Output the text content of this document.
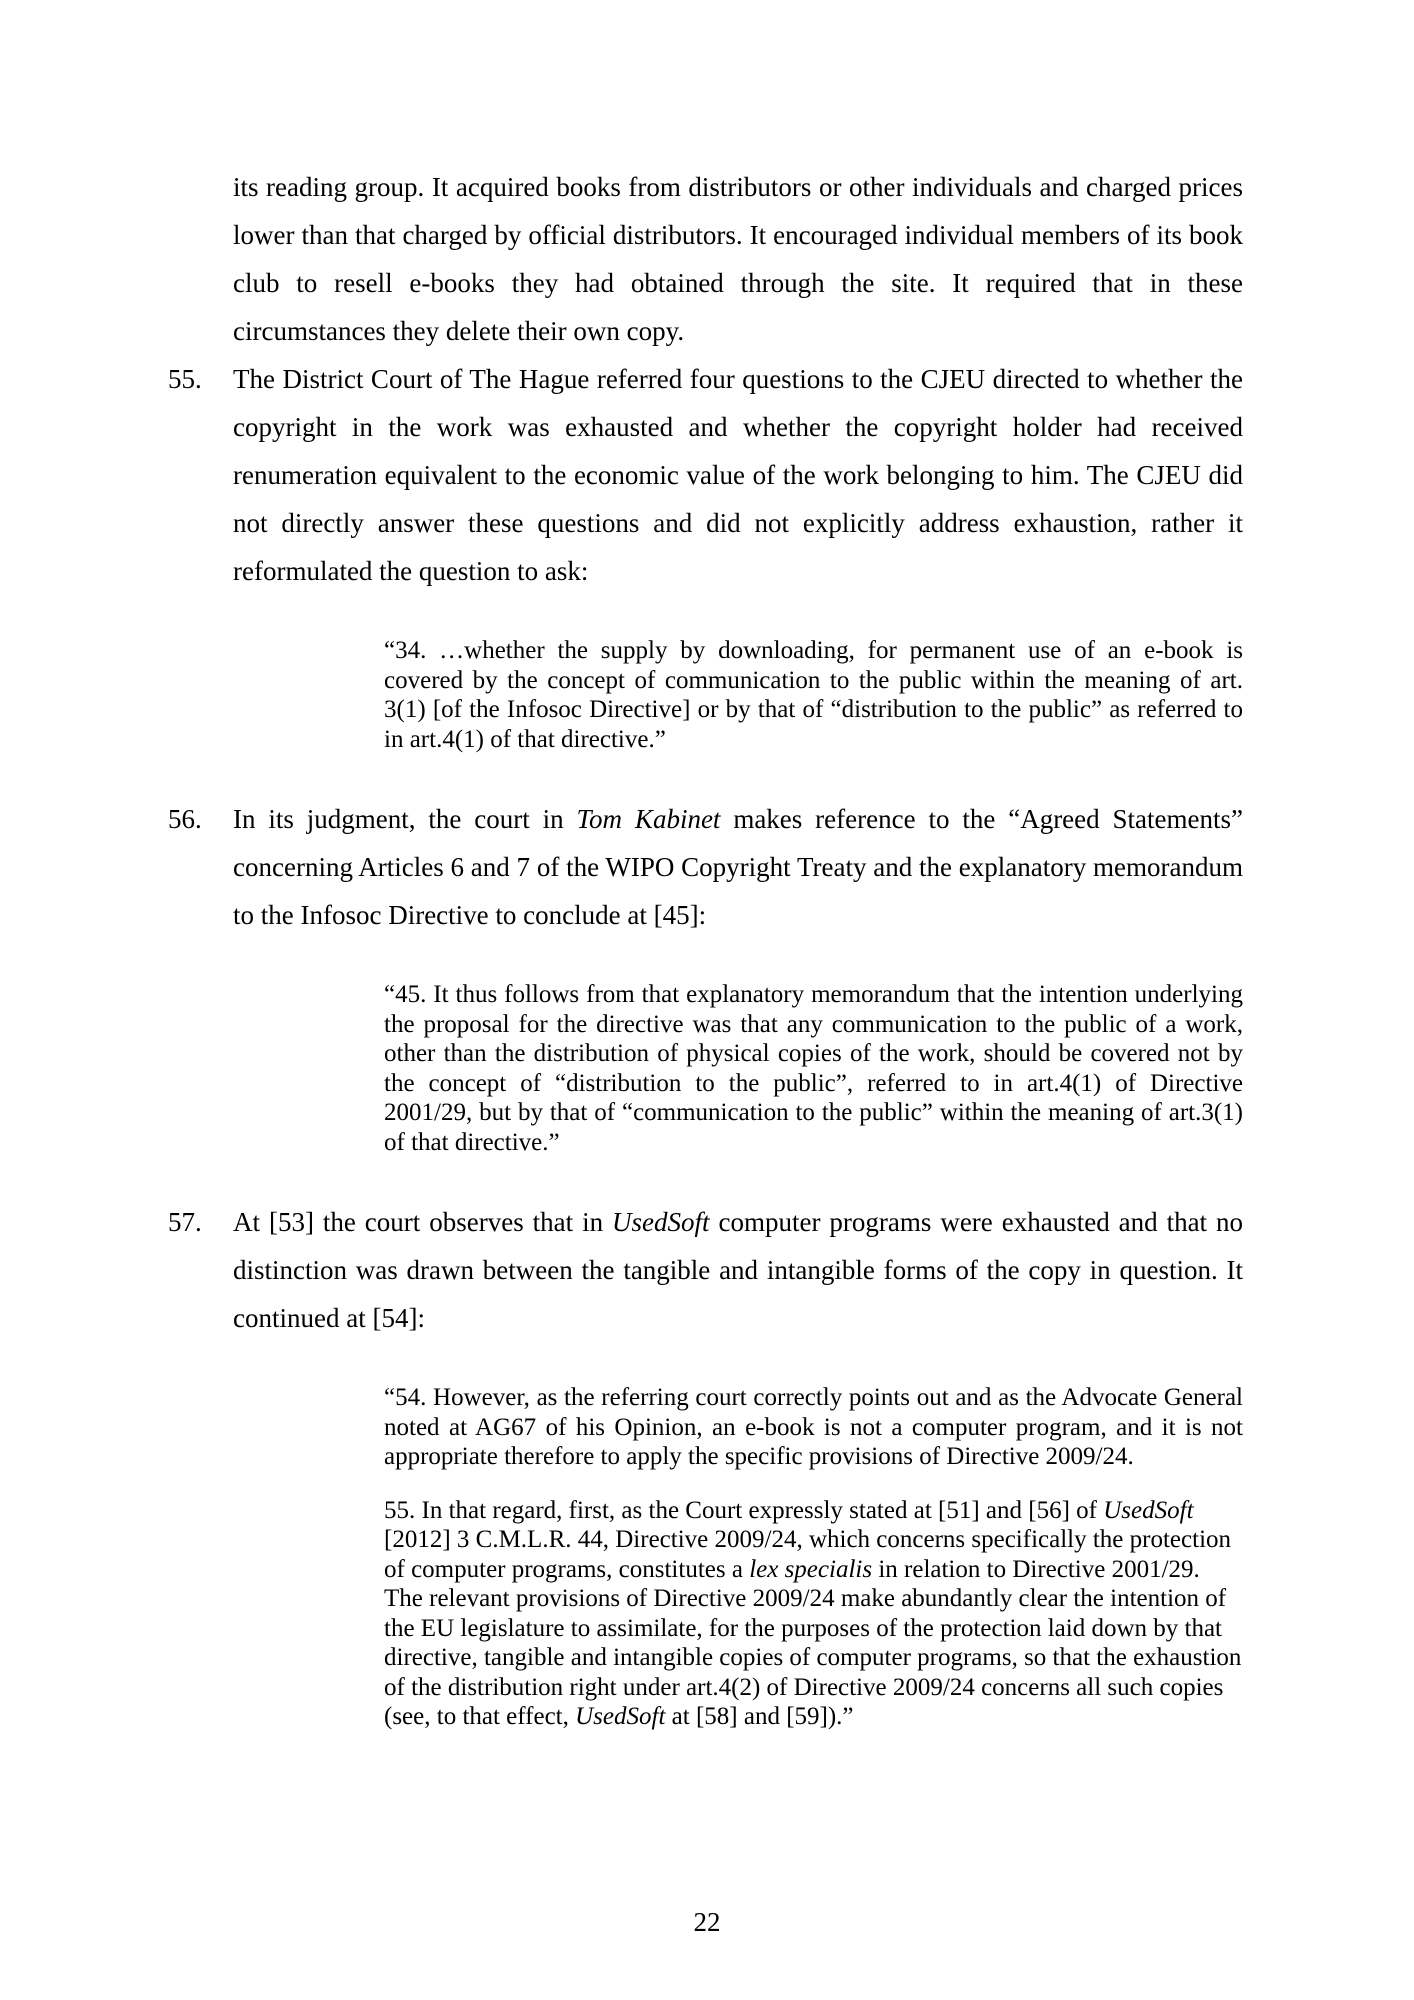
its reading group. It acquired books from distributors or other individuals and charged prices lower than that charged by official distributors. It encouraged individual members of its book club to resell e-books they had obtained through the site. It required that in these circumstances they delete their own copy.
55.	The District Court of The Hague referred four questions to the CJEU directed to whether the copyright in the work was exhausted and whether the copyright holder had received renumeration equivalent to the economic value of the work belonging to him. The CJEU did not directly answer these questions and did not explicitly address exhaustion, rather it reformulated the question to ask:
“34. …whether the supply by downloading, for permanent use of an e-book is covered by the concept of communication to the public within the meaning of art. 3(1) [of the Infosoc Directive] or by that of “distribution to the public” as referred to in art.4(1) of that directive.”
56.	In its judgment, the court in Tom Kabinet makes reference to the “Agreed Statements” concerning Articles 6 and 7 of the WIPO Copyright Treaty and the explanatory memorandum to the Infosoc Directive to conclude at [45]:
“45. It thus follows from that explanatory memorandum that the intention underlying the proposal for the directive was that any communication to the public of a work, other than the distribution of physical copies of the work, should be covered not by the concept of “distribution to the public”, referred to in art.4(1) of Directive 2001/29, but by that of “communication to the public” within the meaning of art.3(1) of that directive.”
57.	At [53] the court observes that in UsedSoft computer programs were exhausted and that no distinction was drawn between the tangible and intangible forms of the copy in question. It continued at [54]:
“54. However, as the referring court correctly points out and as the Advocate General noted at AG67 of his Opinion, an e-book is not a computer program, and it is not appropriate therefore to apply the specific provisions of Directive 2009/24.
55. In that regard, first, as the Court expressly stated at [51] and [56] of UsedSoft [2012] 3 C.M.L.R. 44, Directive 2009/24, which concerns specifically the protection of computer programs, constitutes a lex specialis in relation to Directive 2001/29. The relevant provisions of Directive 2009/24 make abundantly clear the intention of the EU legislature to assimilate, for the purposes of the protection laid down by that directive, tangible and intangible copies of computer programs, so that the exhaustion of the distribution right under art.4(2) of Directive 2009/24 concerns all such copies (see, to that effect, UsedSoft at [58] and [59]).”
22
